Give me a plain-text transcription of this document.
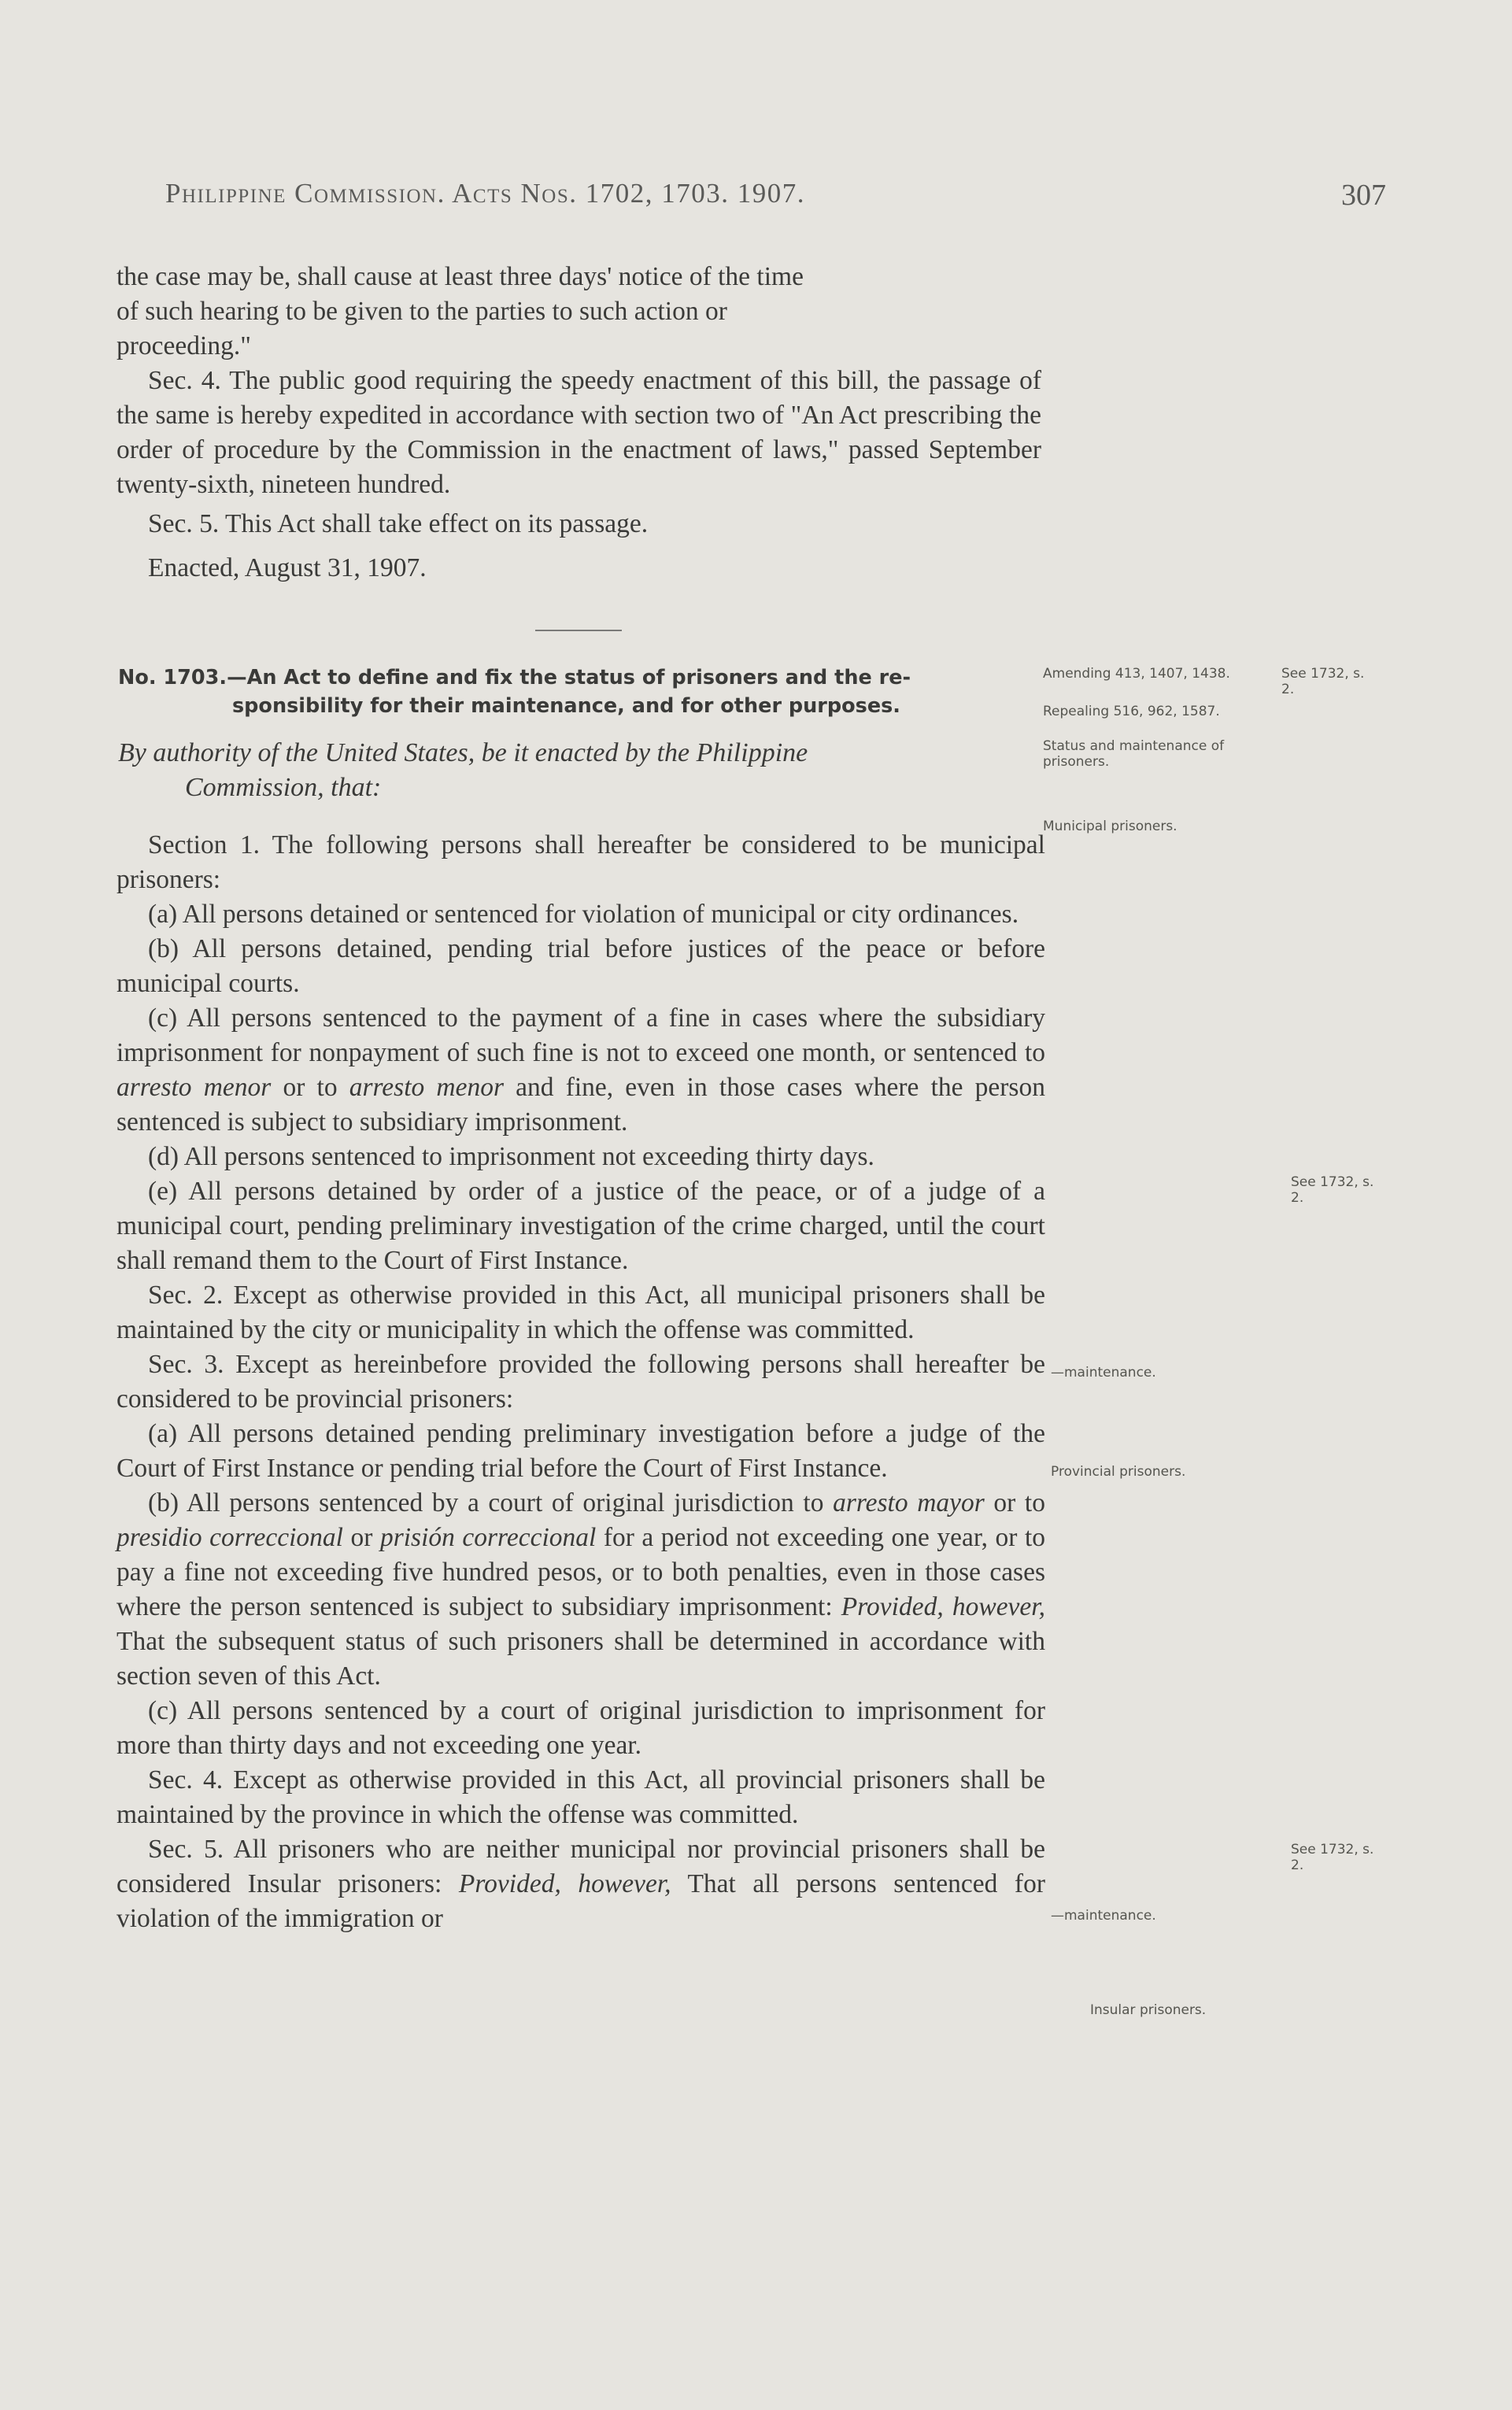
Philippine Commission. Acts Nos. 1702, 1703. 1907.	307

the case may be, shall cause at least three days' notice of the time

of such hearing to be given to the parties to such action or

proceeding."

Sec. 4. The public good requiring the speedy enactment of this bill, the passage of the same is hereby expedited in accordance with section two of "An Act prescribing the order of procedure by the Commission in the enactment of laws," passed September twenty-sixth, nineteen hundred.

Sec. 5. This Act shall take effect on its passage.

Enacted, August 31, 1907.

No. 1703.—An Act to define and fix the status of prisoners and the re-
sponsibility for their maintenance, and for other purposes.
By authority of the United States, be it enacted by the Philippine
Commission, that:

Section 1. The following persons shall hereafter be considered to be municipal prisoners:

(a) All persons detained or sentenced for violation of municipal or city ordinances.

(b) All persons detained, pending trial before justices of the peace or before municipal courts.

(c) All persons sentenced to the payment of a fine in cases where the subsidiary imprisonment for nonpayment of such fine is not to exceed one month, or sentenced to arresto menor or to arresto menor and fine, even in those cases where the person sentenced is subject to subsidiary imprisonment.

(d) All persons sentenced to imprisonment not exceeding thirty days.

(e) All persons detained by order of a justice of the peace, or of a judge of a municipal court, pending preliminary investigation of the crime charged, until the court shall remand them to the Court of First Instance.

Sec. 2. Except as otherwise provided in this Act, all municipal prisoners shall be maintained by the city or municipality in which the offense was committed.

Sec. 3. Except as hereinbefore provided the following persons shall hereafter be considered to be provincial prisoners:

(a) All persons detained pending preliminary investigation before a judge of the Court of First Instance or pending trial before the Court of First Instance.

(b) All persons sentenced by a court of original jurisdiction to arresto mayor or to presidio correccional or prisión correccional for a period not exceeding one year, or to pay a fine not exceeding five hundred pesos, or to both penalties, even in those cases where the person sentenced is subject to subsidiary imprisonment: Provided, however, That the subsequent status of such prisoners shall be determined in accordance with section seven of this Act.

(c) All persons sentenced by a court of original jurisdiction to imprisonment for more than thirty days and not exceeding one year.

Sec. 4. Except as otherwise provided in this Act, all provincial prisoners shall be maintained by the province in which the offense was committed.

Sec. 5. All prisoners who are neither municipal nor provincial prisoners shall be considered Insular prisoners: Provided, however, That all persons sentenced for violation of the immigration or

Amending 413, 1407, 1438.	See 1732, s. 2.
Repealing 516, 962, 1587.
Status and maintenance of prisoners.
Municipal prisoners.
See 1732, s. 2.
—maintenance.
Provincial prisoners.
See 1732, s. 2.
—maintenance.
Insular prisoners.
